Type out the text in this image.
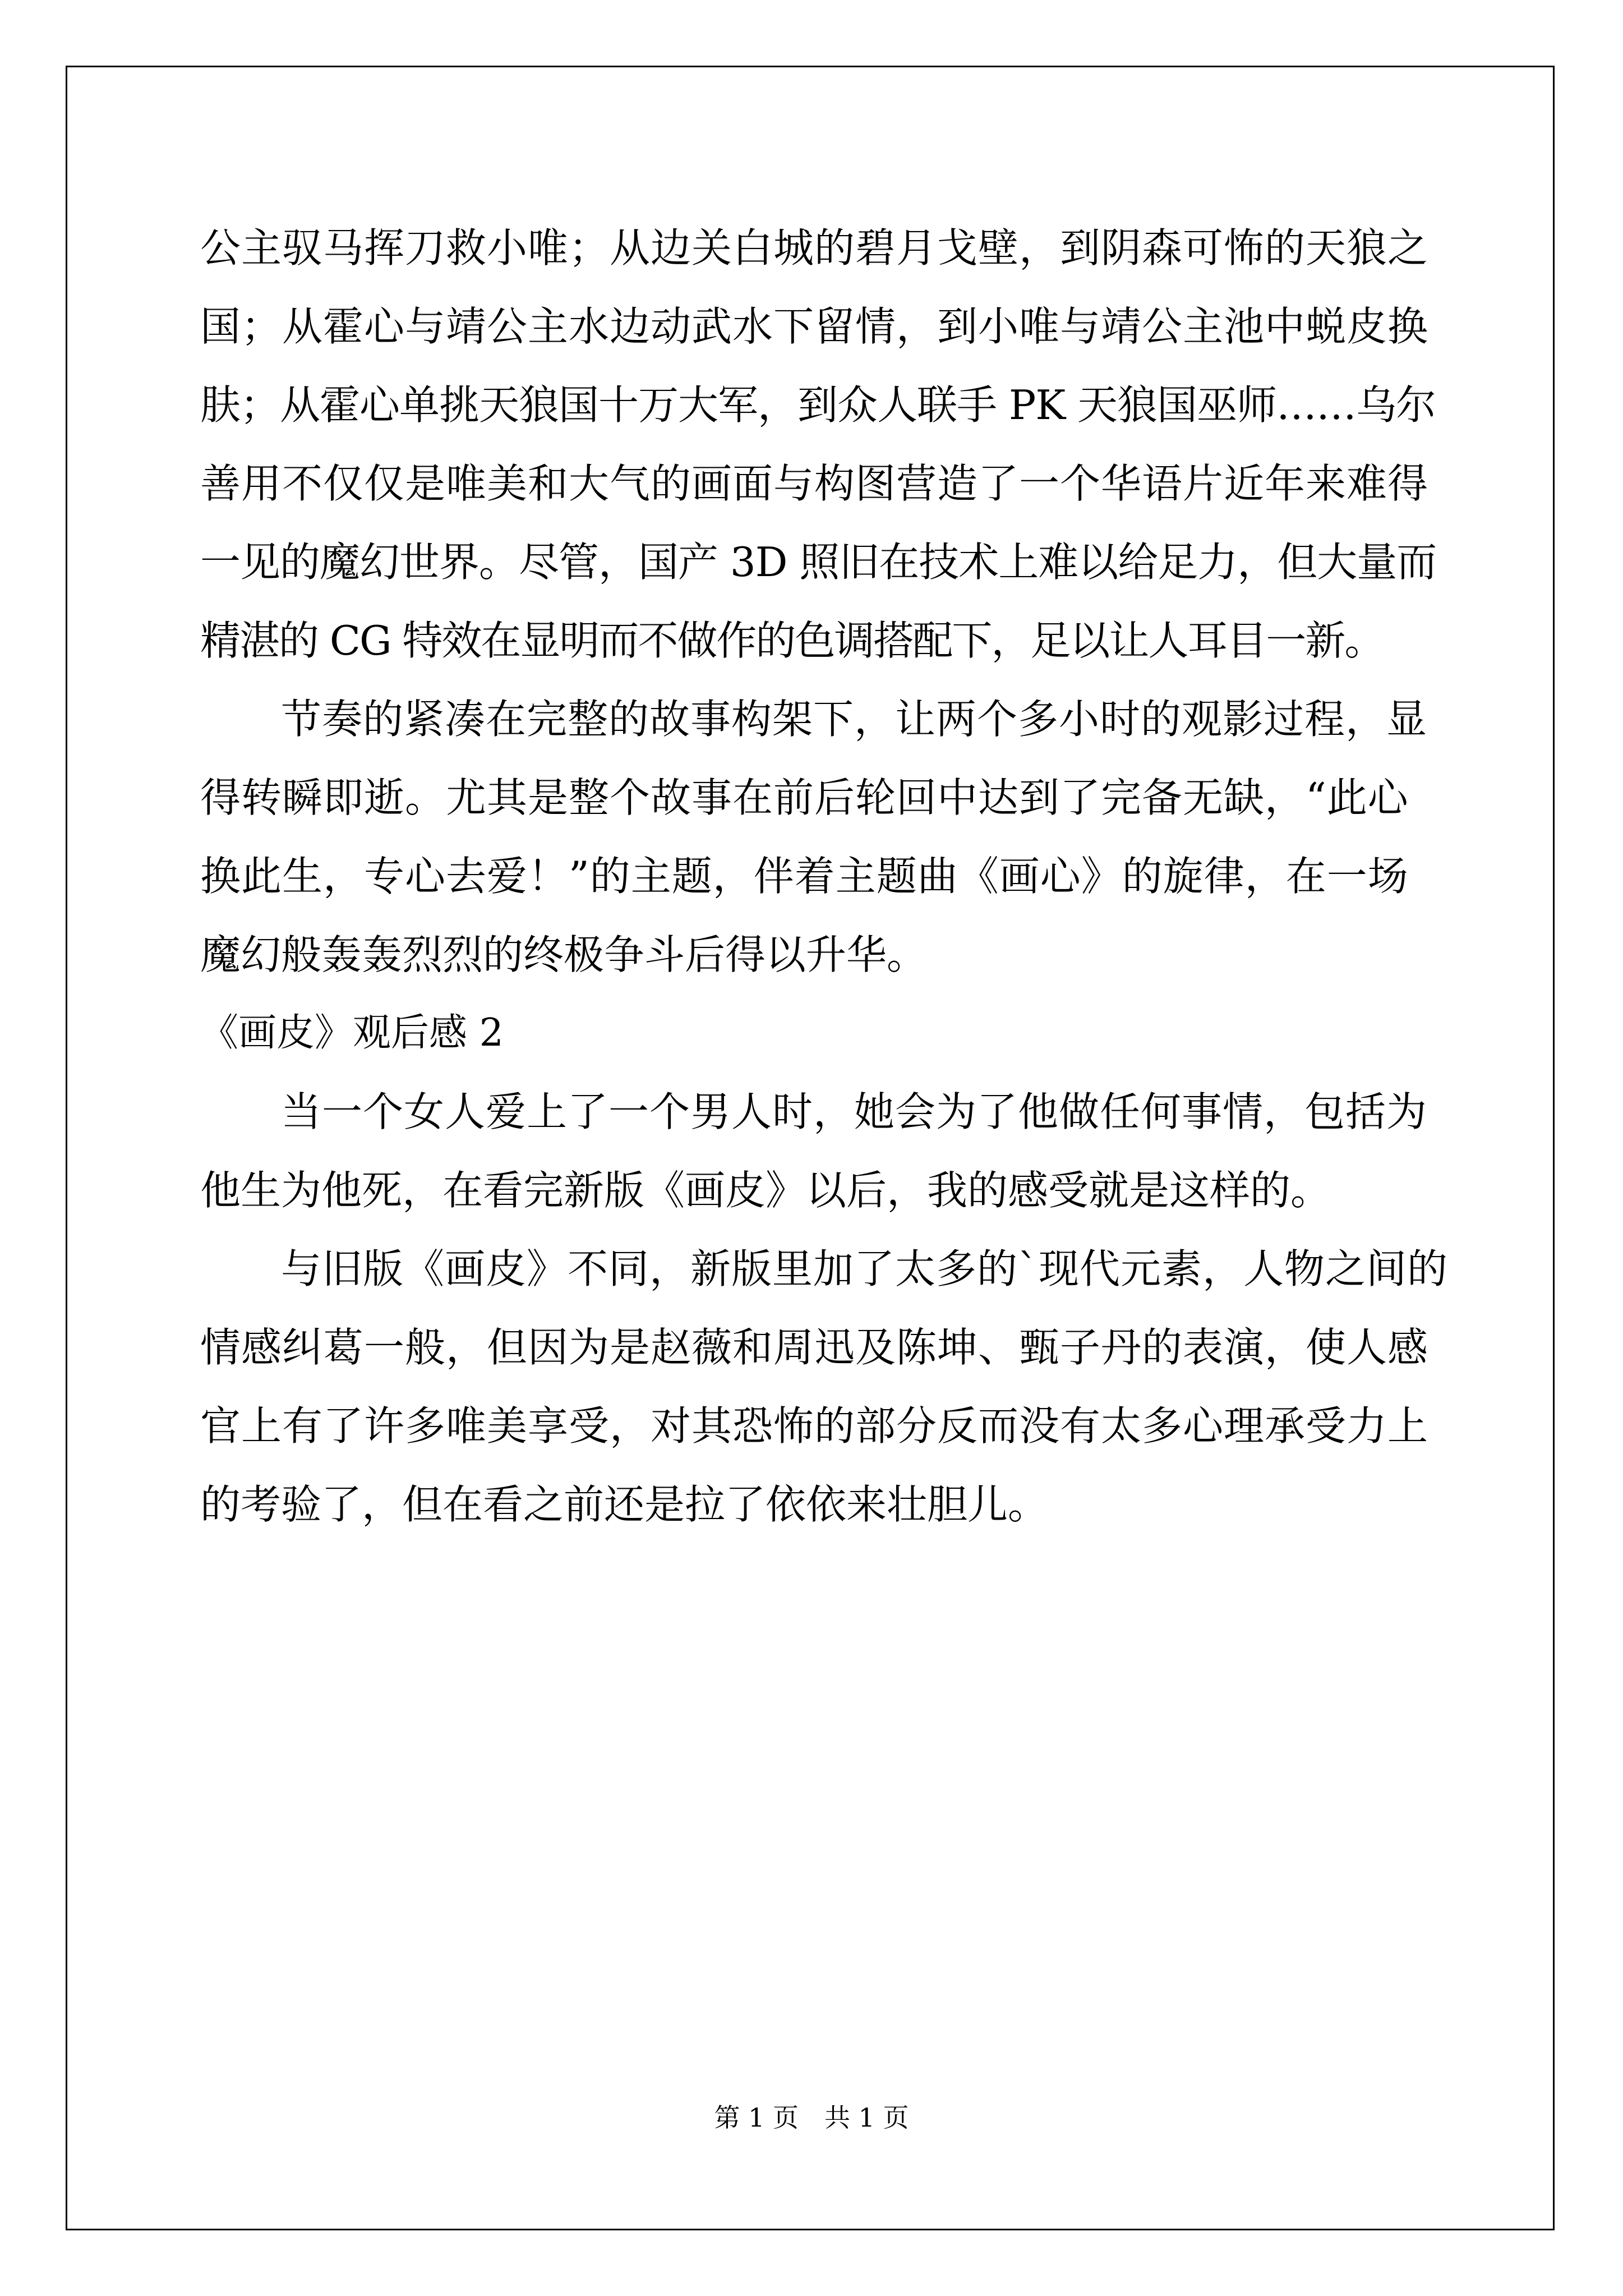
公主驭马挥刀救小唯；从边关白城的碧月戈壁，到阴森可怖的天狼之
国；从霍心与靖公主水边动武水下留情，到小唯与靖公主池中蜕皮换
肤；从霍心单挑天狼国十万大军，到众人联手 PK 天狼国巫师……乌尔
善用不仅仅是唯美和大气的画面与构图营造了一个华语片近年来难得
一见的魔幻世界。尽管，国产 3D 照旧在技术上难以给足力，但大量而
精湛的 CG 特效在显明而不做作的色调搭配下，足以让人耳目一新。
节奏的紧凑在完整的故事构架下，让两个多小时的观影过程，显
得转瞬即逝。尤其是整个故事在前后轮回中达到了完备无缺，“此心
换此生，专心去爱！”的主题，伴着主题曲《画心》的旋律，在一场
魔幻般轰轰烈烈的终极争斗后得以升华。
《画皮》观后感 2
当一个女人爱上了一个男人时，她会为了他做任何事情，包括为
他生为他死，在看完新版《画皮》以后，我的感受就是这样的。
与旧版《画皮》不同，新版里加了太多的`现代元素，人物之间的
情感纠葛一般，但因为是赵薇和周迅及陈坤、甄子丹的表演，使人感
官上有了许多唯美享受，对其恐怖的部分反而没有太多心理承受力上
的考验了，但在看之前还是拉了依依来壮胆儿。
第 1 页　共 1 页
